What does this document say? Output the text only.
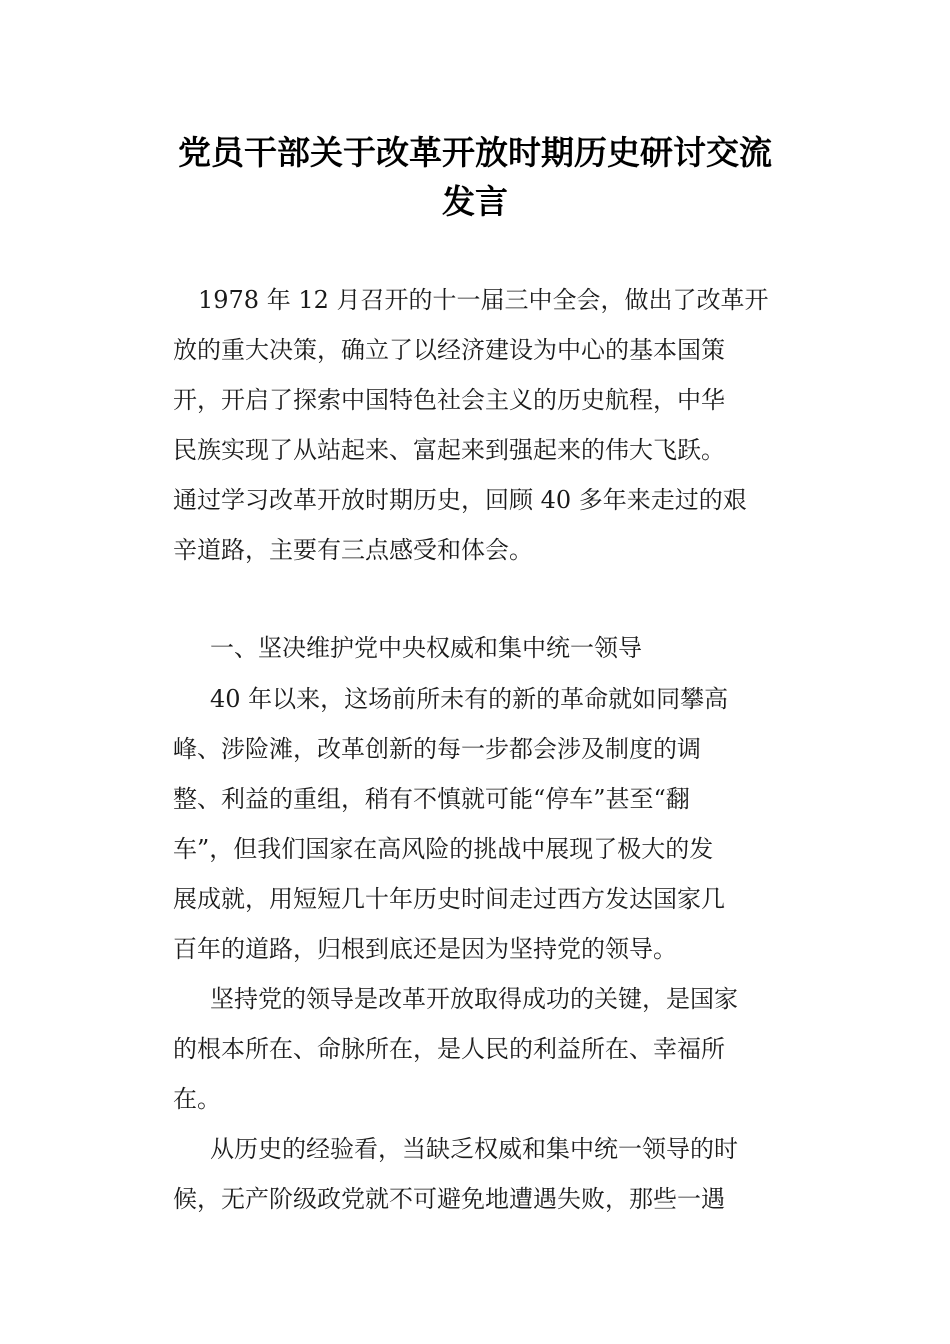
党员干部关于改革开放时期历史研讨交流
发言
1978 年 12 月召开的十一届三中全会，做出了改革开
放的重大决策，确立了以经济建设为中心的基本国策
开，开启了探索中国特色社会主义的历史航程，中华
民族实现了从站起来、富起来到强起来的伟大飞跃。
通过学习改革开放时期历史，回顾 40 多年来走过的艰
辛道路，主要有三点感受和体会。
一、坚决维护党中央权威和集中统一领导
40 年以来，这场前所未有的新的革命就如同攀高
峰、涉险滩，改革创新的每一步都会涉及制度的调
整、利益的重组，稍有不慎就可能“停车”甚至“翻
车”，但我们国家在高风险的挑战中展现了极大的发
展成就，用短短几十年历史时间走过西方发达国家几
百年的道路，归根到底还是因为坚持党的领导。
坚持党的领导是改革开放取得成功的关键，是国家
的根本所在、命脉所在，是人民的利益所在、幸福所
在。
从历史的经验看，当缺乏权威和集中统一领导的时
候，无产阶级政党就不可避免地遭遇失败，那些一遇
